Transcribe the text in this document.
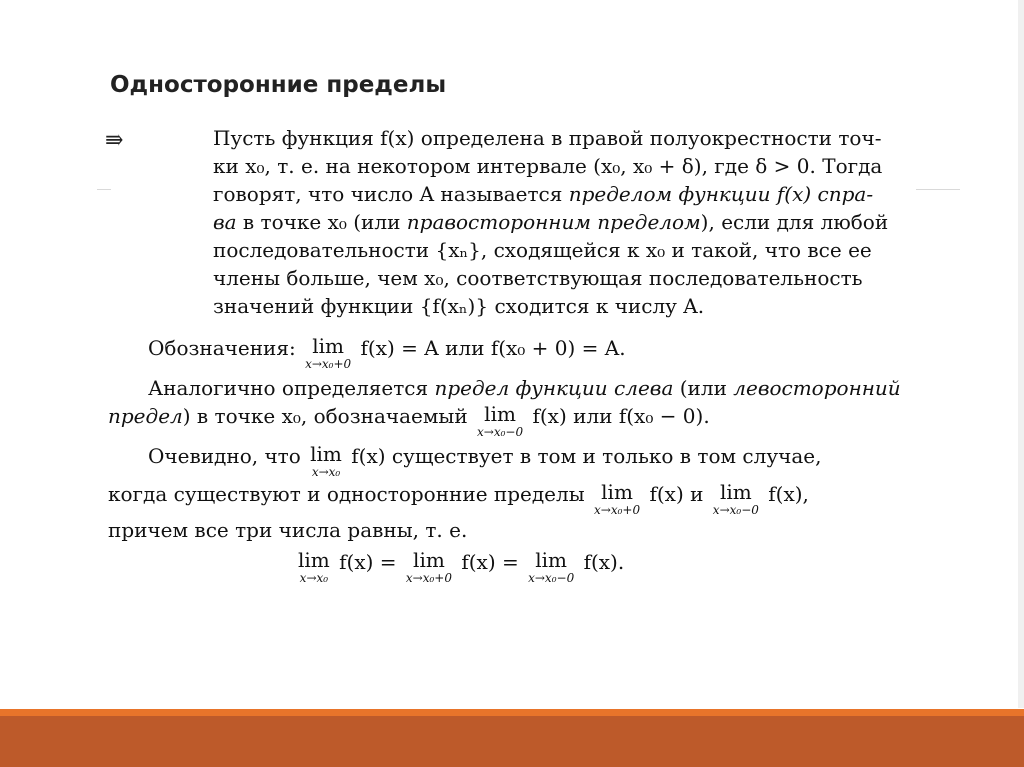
Односторонние пределы
⇛	Пусть функция f(x) определена в правой полуокрестности точ-
ки x₀, т. е. на некотором интервале (x₀, x₀ + δ), где δ > 0. Тогда
говорят, что число A называется пределом функции f(x) спра-
ва в точке x₀ (или правосторонним пределом), если для любой
последовательности {xₙ}, сходящейся к x₀ и такой, что все ее
члены больше, чем x₀, соответствующая последовательность
значений функции {f(xₙ)} сходится к числу A.
Обозначения: lim
x→x₀+0
f(x) = A или f(x₀ + 0) = A.
Аналогично определяется предел функции слева (или левосторонний
предел) в точке x₀, обозначаемый lim
x→x₀−0
f(x) или f(x₀ − 0).
Очевидно, что lim
x→x₀
f(x) существует в том и только в том случае,
когда существуют и односторонние пределы lim
x→x₀+0
f(x) и lim
x→x₀−0
f(x),
причем все три числа равны, т. е.
lim
x→x₀
f(x) = lim
x→x₀+0
f(x) = lim
x→x₀−0
f(x).
